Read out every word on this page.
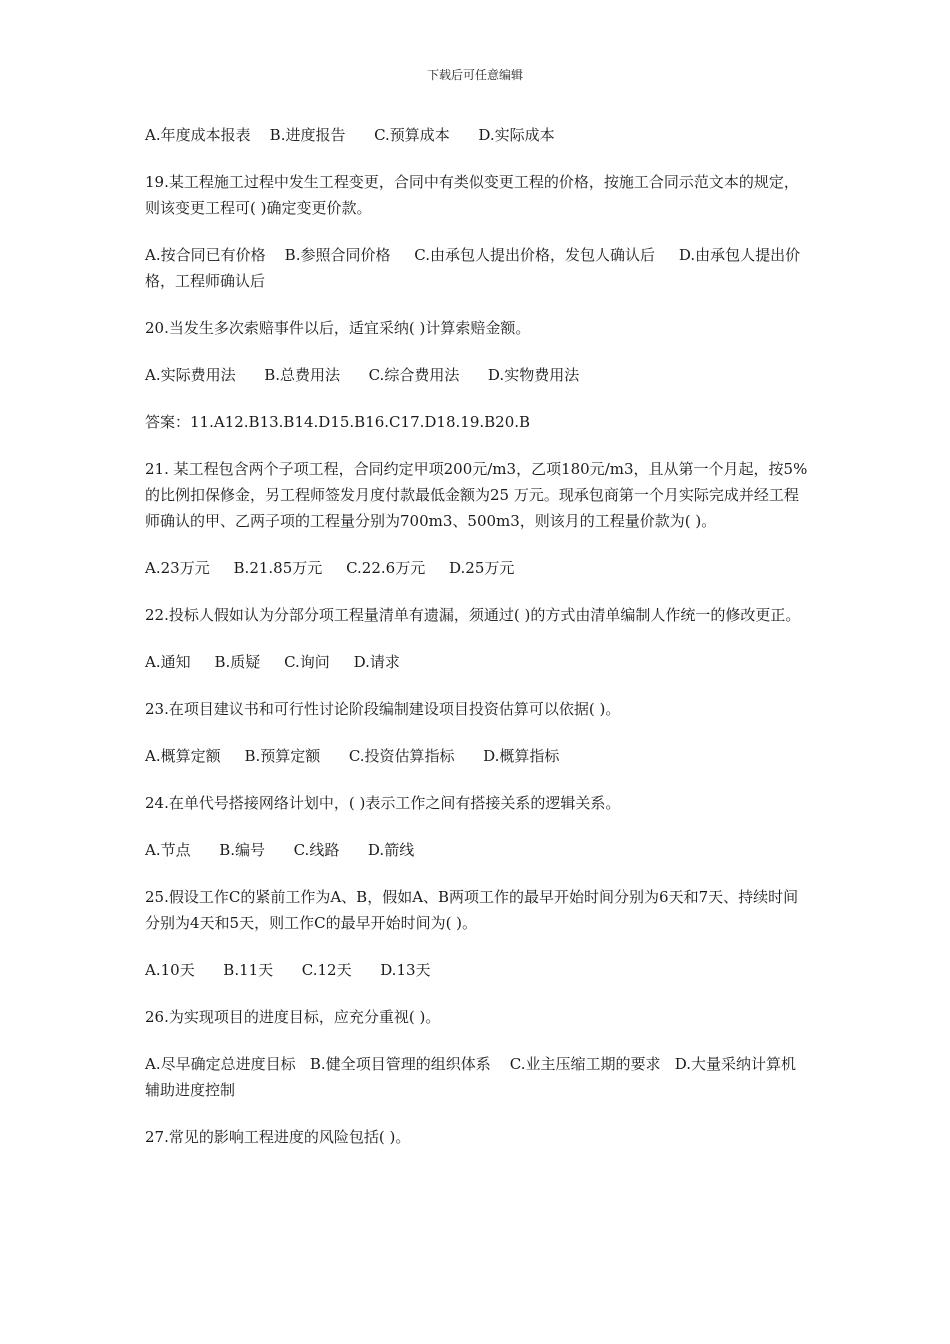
下载后可任意编辑

A.年度成本报表    B.进度报告      C.预算成本      D.实际成本

19.某工程施工过程中发生工程变更，合同中有类似变更工程的价格，按施工合同示范文本的规定，则该变更工程可( )确定变更价款。

A.按合同已有价格    B.参照合同价格     C.由承包人提出价格，发包人确认后     D.由承包人提出价格，工程师确认后

20.当发生多次索赔事件以后，适宜采纳( )计算索赔金额。

A.实际费用法      B.总费用法      C.综合费用法      D.实物费用法

答案：11.A12.B13.B14.D15.B16.C17.D18.19.B20.B

21. 某工程包含两个子项工程，合同约定甲项200元/m3，乙项180元/m3，且从第一个月起，按5%的比例扣保修金，另工程师签发月度付款最低金额为25 万元。现承包商第一个月实际完成并经工程师确认的甲、乙两子项的工程量分别为700m3、500m3，则该月的工程量价款为( )。

A.23万元     B.21.85万元     C.22.6万元     D.25万元

22.投标人假如认为分部分项工程量清单有遗漏，须通过( )的方式由清单编制人作统一的修改更正。

A.通知     B.质疑     C.询问     D.请求

23.在项目建议书和可行性讨论阶段编制建设项目投资估算可以依据( )。

A.概算定额     B.预算定额      C.投资估算指标      D.概算指标

24.在单代号搭接网络计划中，( )表示工作之间有搭接关系的逻辑关系。

A.节点      B.编号      C.线路      D.箭线

25.假设工作C的紧前工作为A、B，假如A、B两项工作的最早开始时间分别为6天和7天、持续时间分别为4天和5天，则工作C的最早开始时间为( )。

A.10天      B.11天      C.12天      D.13天

26.为实现项目的进度目标，应充分重视( )。

A.尽早确定总进度目标   B.健全项目管理的组织体系    C.业主压缩工期的要求   D.大量采纳计算机辅助进度控制

27.常见的影响工程进度的风险包括( )。
